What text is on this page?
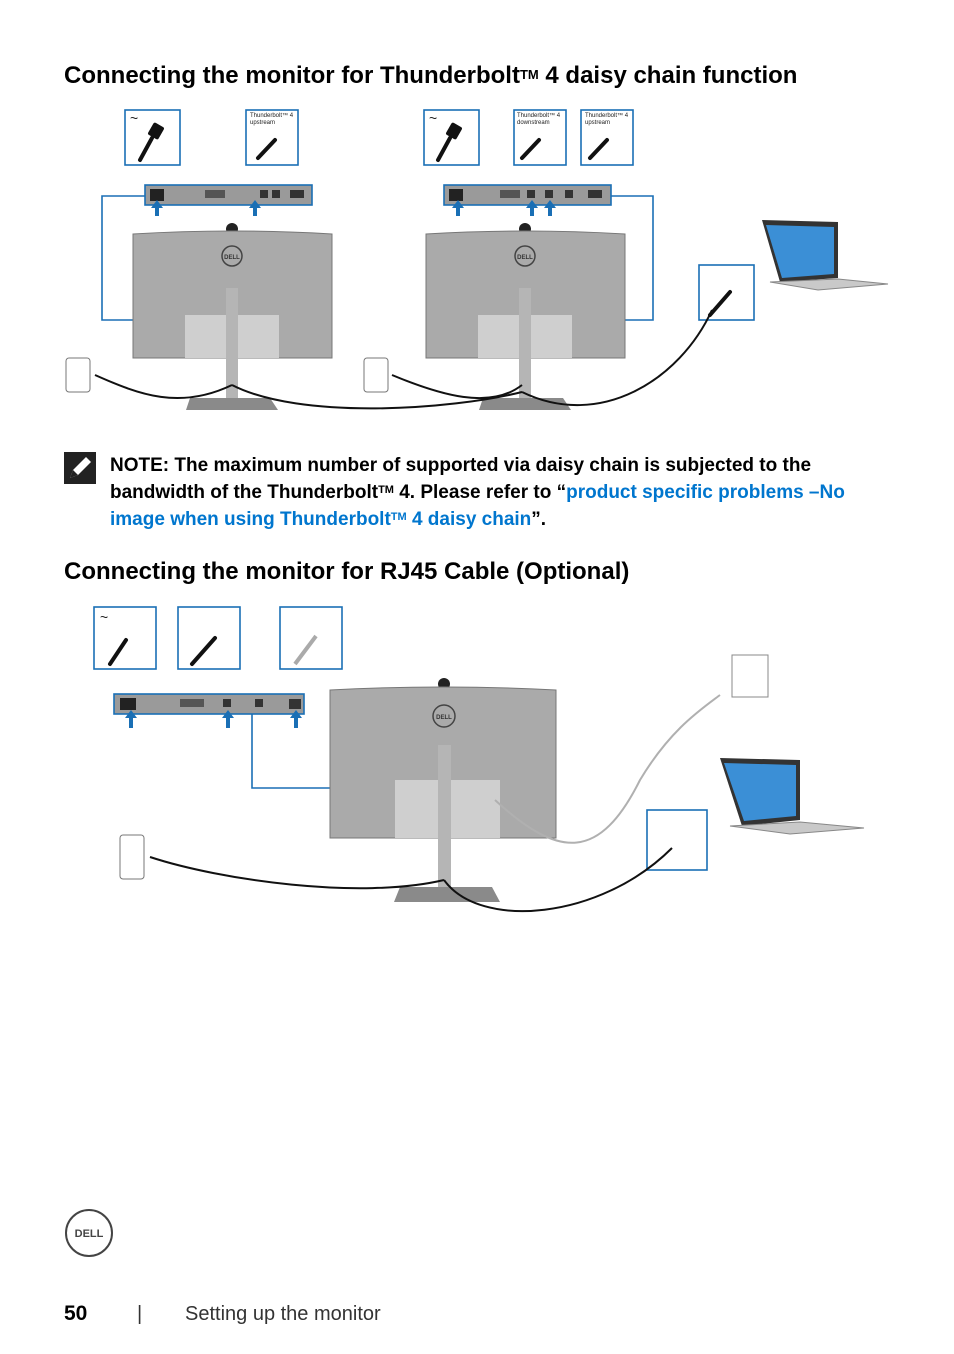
Connecting the monitor for Thunderbolt™ 4 daisy chain function
~	~
Thunderbolt™ 4
upstream
Thunderbolt™ 4
downstream
Thunderbolt™ 4
upstream
DELL	DELL
NOTE: The maximum number of supported via daisy chain is subjected to the bandwidth of the Thunderbolt™ 4. Please refer to “product specific problems –No image when using Thunderbolt™ 4 daisy chain”.
Connecting the monitor for RJ45 Cable (Optional)
~
DELL
DELL
50 | Setting up the monitor
